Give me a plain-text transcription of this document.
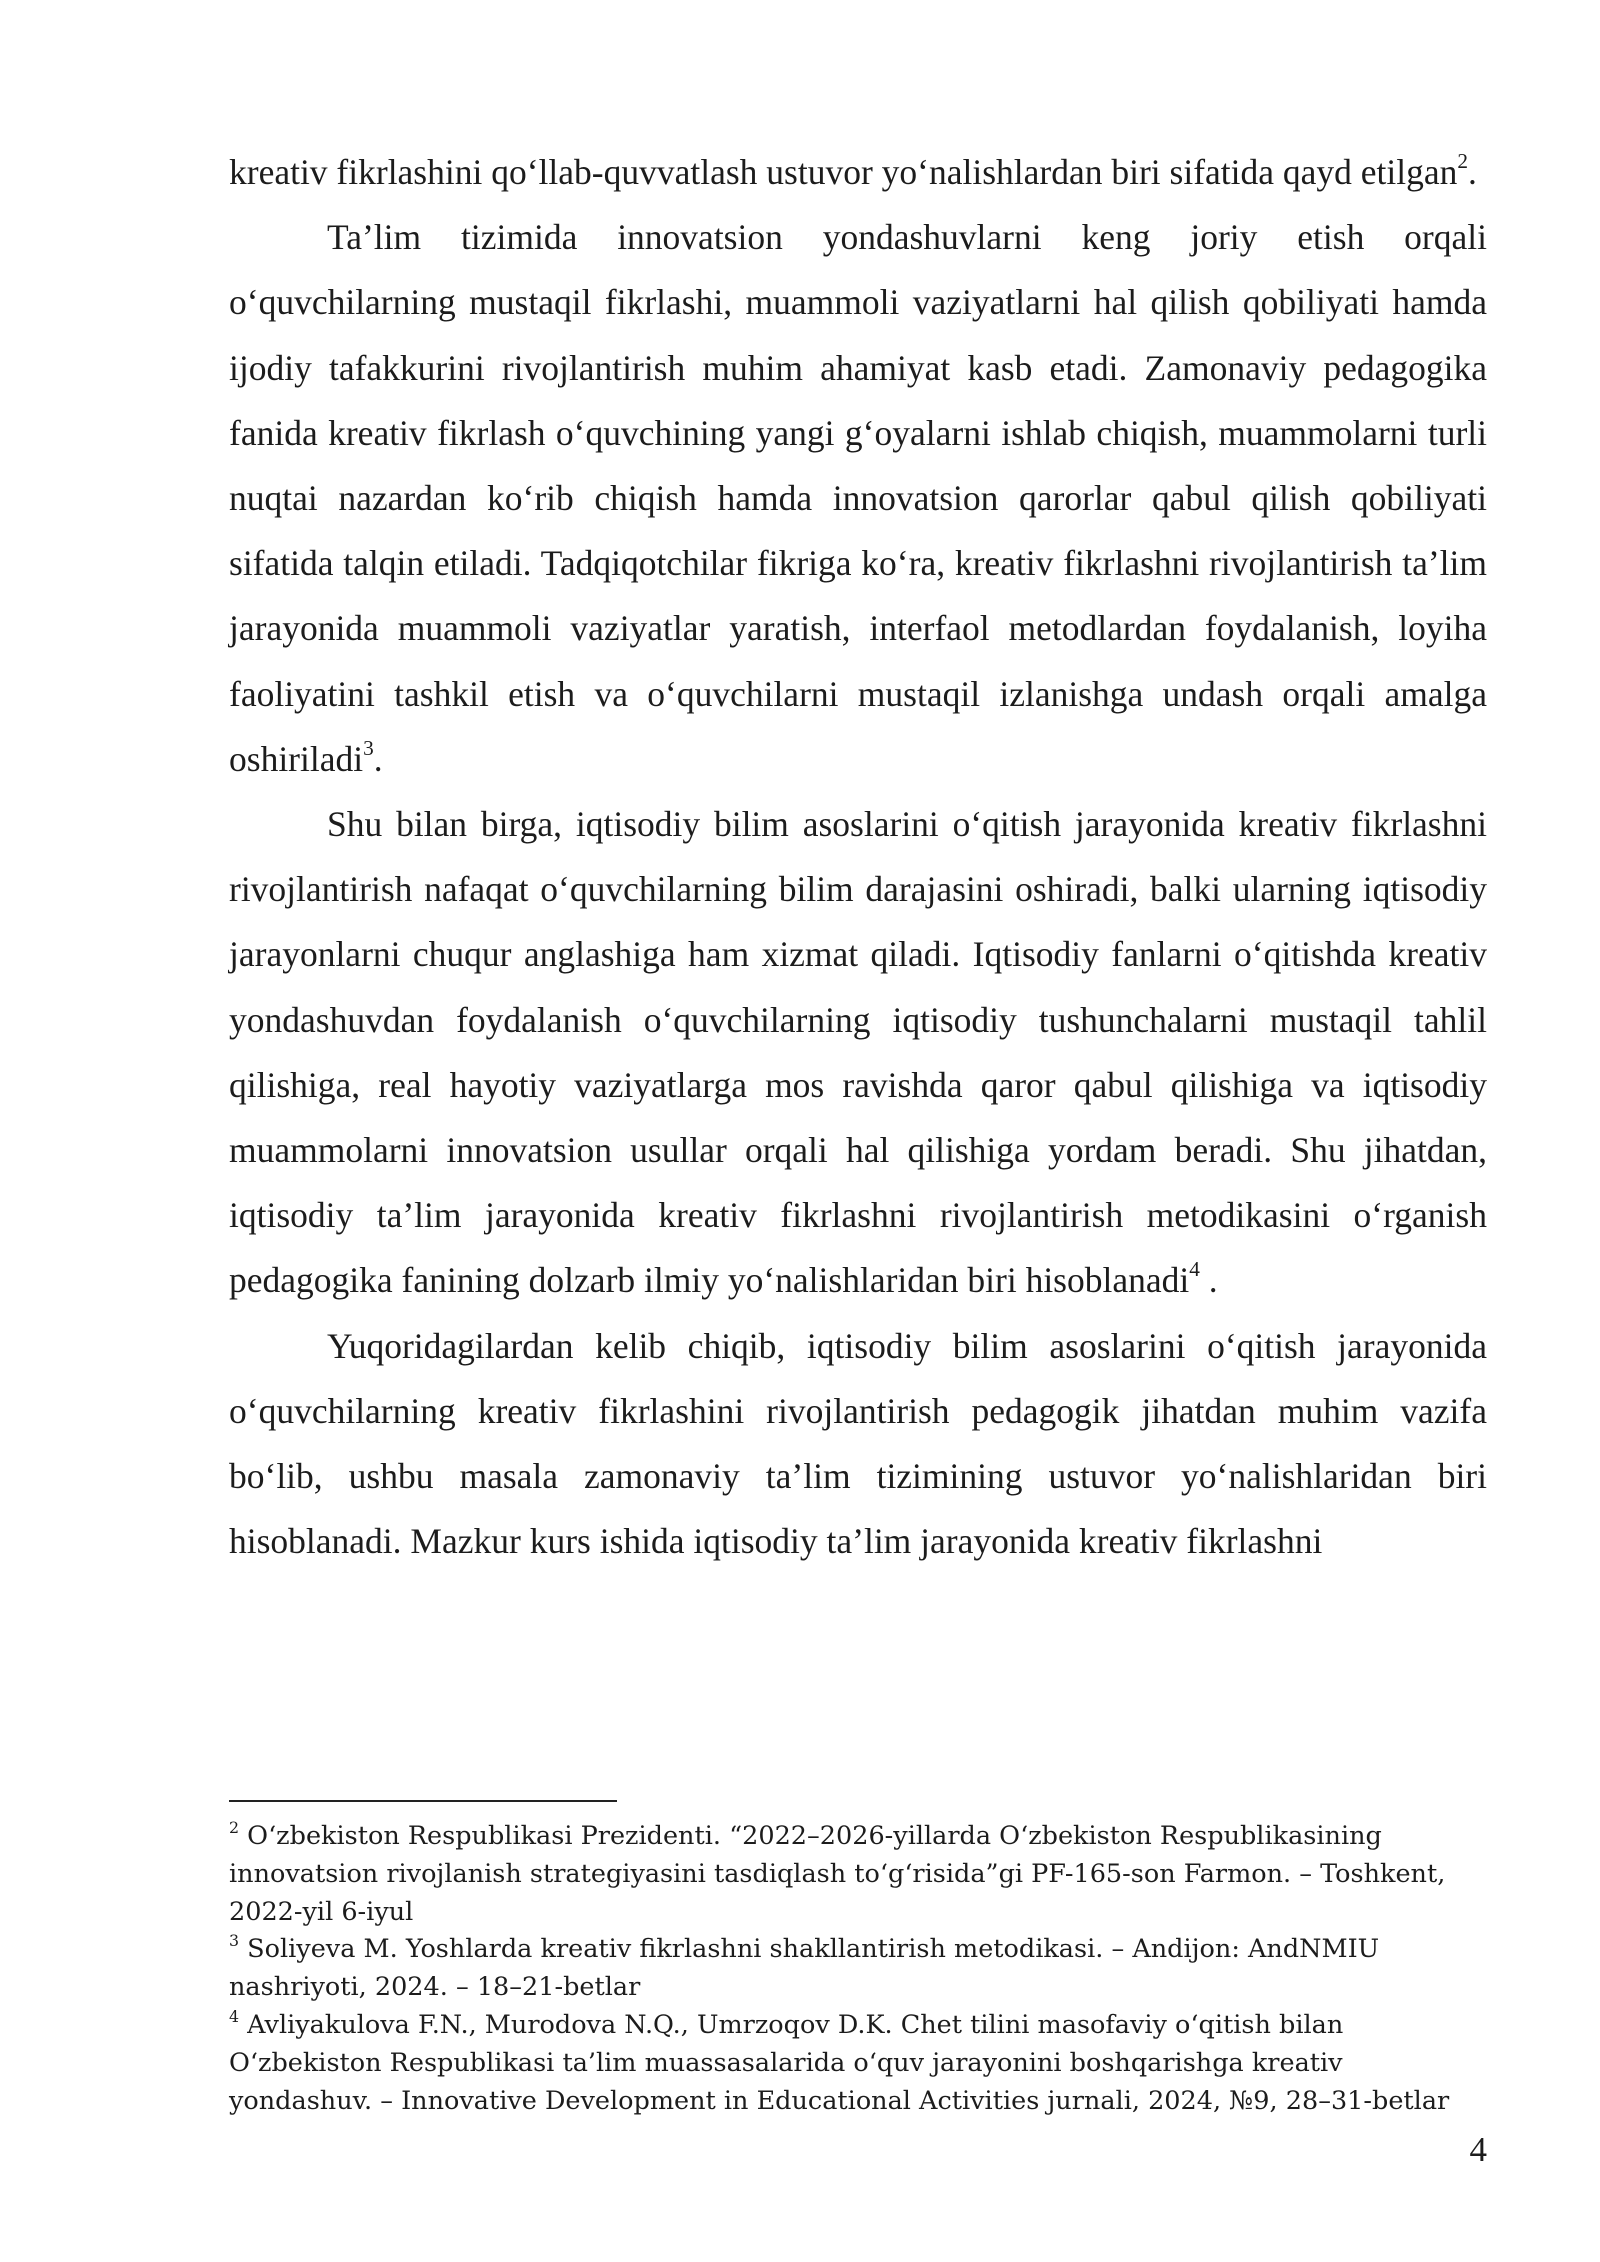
kreativ fikrlashini qo‘llab-quvvatlash ustuvor yo‘nalishlardan biri sifatida qayd etilgan$^2$.

Ta’lim tizimida innovatsion yondashuvlarni keng joriy etish orqali o‘quvchilarning mustaqil fikrlashi, muammoli vaziyatlarni hal qilish qobiliyati hamda ijodiy tafakkurini rivojlantirish muhim ahamiyat kasb etadi. Zamonaviy pedagogika fanida kreativ fikrlash o‘quvchining yangi g‘oyalarni ishlab chiqish, muammolarni turli nuqtai nazardan ko‘rib chiqish hamda innovatsion qarorlar qabul qilish qobiliyati sifatida talqin etiladi. Tadqiqotchilar fikriga ko‘ra, kreativ fikrlashni rivojlantirish ta’lim jarayonida muammoli vaziyatlar yaratish, interfaol metodlardan foydalanish, loyiha faoliyatini tashkil etish va o‘quvchilarni mustaqil izlanishga undash orqali amalga oshiriladi$^3$.

Shu bilan birga, iqtisodiy bilim asoslarini o‘qitish jarayonida kreativ fikrlashni rivojlantirish nafaqat o‘quvchilarning bilim darajasini oshiradi, balki ularning iqtisodiy jarayonlarni chuqur anglashiga ham xizmat qiladi. Iqtisodiy fanlarni o‘qitishda kreativ yondashuvdan foydalanish o‘quvchilarning iqtisodiy tushunchalarni mustaqil tahlil qilishiga, real hayotiy vaziyatlarga mos ravishda qaror qabul qilishiga va iqtisodiy muammolarni innovatsion usullar orqali hal qilishiga yordam beradi. Shu jihatdan, iqtisodiy ta’lim jarayonida kreativ fikrlashni rivojlantirish metodikasini o‘rganish pedagogika fanining dolzarb ilmiy yo‘nalishlaridan biri hisoblanadi$^4$ .

Yuqoridagilardan kelib chiqib, iqtisodiy bilim asoslarini o‘qitish jarayonida o‘quvchilarning kreativ fikrlashini rivojlantirish pedagogik jihatdan muhim vazifa bo‘lib, ushbu masala zamonaviy ta’lim tizimining ustuvor yo‘nalishlaridan biri hisoblanadi. Mazkur kurs ishida iqtisodiy ta’lim jarayonida kreativ fikrlashni

$^2$ O‘zbekiston Respublikasi Prezidenti. “2022–2026-yillarda O‘zbekiston Respublikasining innovatsion rivojlanish strategiyasini tasdiqlash to‘g‘risida”gi PF-165-son Farmon. – Toshkent, 2022-yil 6-iyul

$^3$ Soliyeva M. Yoshlarda kreativ fikrlashni shakllantirish metodikasi. – Andijon: AndNMIU nashriyoti, 2024. – 18–21-betlar

$^4$ Avliyakulova F.N., Murodova N.Q., Umrzoqov D.K. Chet tilini masofaviy o‘qitish bilan O‘zbekiston Respublikasi ta’lim muassasalarida o‘quv jarayonini boshqarishga kreativ yondashuv. – Innovative Development in Educational Activities jurnali, 2024, №9, 28–31-betlar

4
